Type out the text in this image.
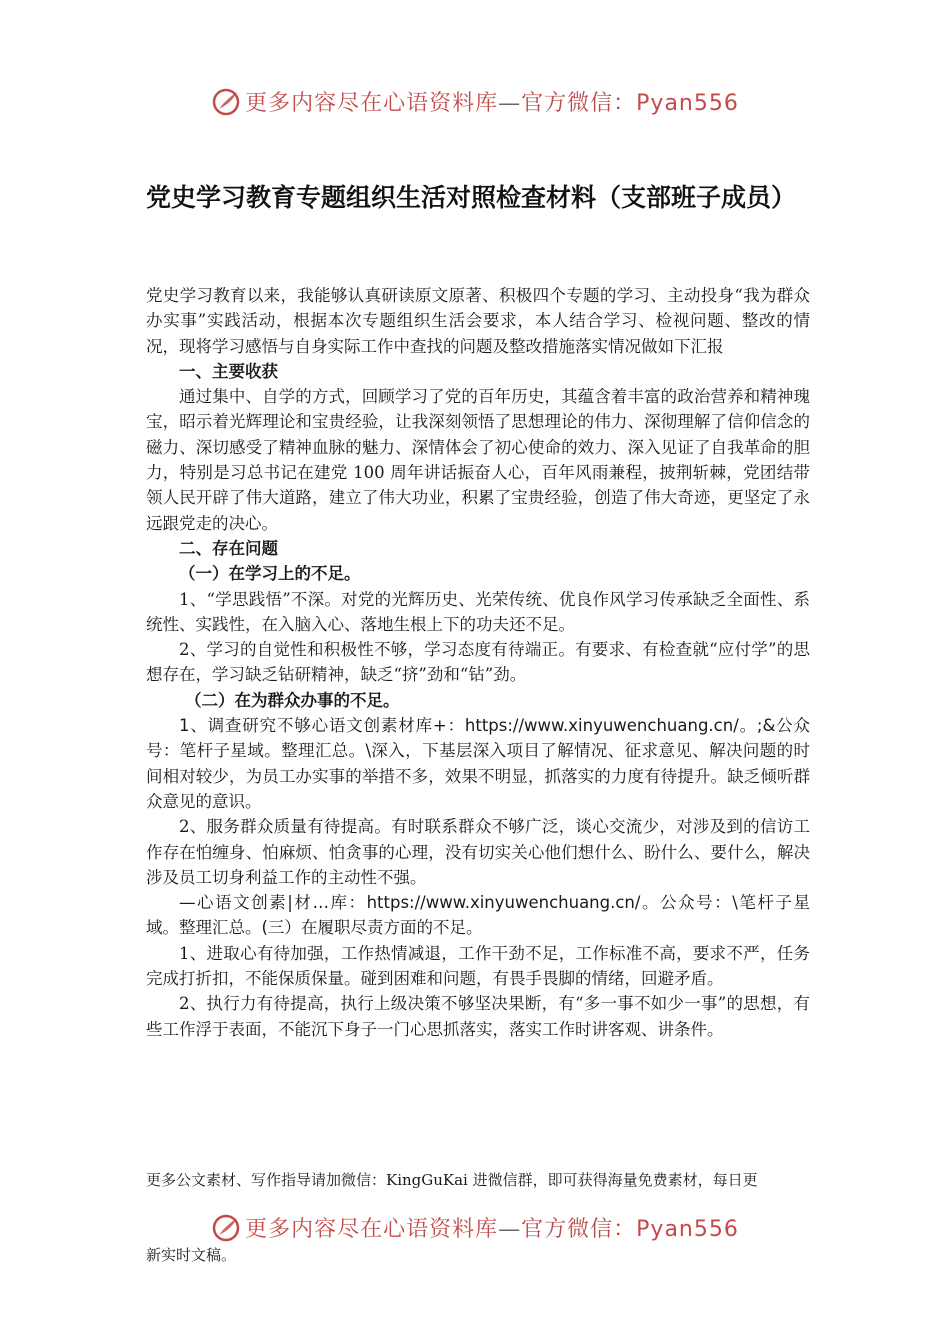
更多内容尽在心语资料库—官方微信：Pyan556
党史学习教育专题组织生活对照检查材料（支部班子成员）

党史学习教育以来，我能够认真研读原文原著、积极四个专题的学习、主动投身“我为群众办实事”实践活动，根据本次专题组织生活会要求，本人结合学习、检视问题、整改的情况，现将学习感悟与自身实际工作中查找的问题及整改措施落实情况做如下汇报

一、主要收获

通过集中、自学的方式，回顾学习了党的百年历史，其蕴含着丰富的政治营养和精神瑰宝，昭示着光辉理论和宝贵经验，让我深刻领悟了思想理论的伟力、深彻理解了信仰信念的磁力、深切感受了精神血脉的魅力、深情体会了初心使命的效力、深入见证了自我革命的胆力，特别是习总书记在建党 100 周年讲话振奋人心，百年风雨兼程，披荆斩棘，党团结带领人民开辟了伟大道路，建立了伟大功业，积累了宝贵经验，创造了伟大奇迹，更坚定了永远跟党走的决心。

二、存在问题

（一）在学习上的不足。

1、“学思践悟”不深。对党的光辉历史、光荣传统、优良作风学习传承缺乏全面性、系统性、实践性，在入脑入心、落地生根上下的功夫还不足。

2、学习的自觉性和积极性不够，学习态度有待端正。有要求、有检查就“应付学”的思想存在，学习缺乏钻研精神，缺乏“挤”劲和“钻”劲。

（二）在为群众办事的不足。

1、调查研究不够心语文创素材库+：https://www.xinyuwenchuang.cn/。;&公众号：笔杆子星域。整理汇总。\深入，下基层深入项目了解情况、征求意见、解决问题的时间相对较少，为员工办实事的举措不多，效果不明显，抓落实的力度有待提升。缺乏倾听群众意见的意识。

2、服务群众质量有待提高。有时联系群众不够广泛，谈心交流少，对涉及到的信访工作存在怕缠身、怕麻烦、怕贪事的心理，没有切实关心他们想什么、盼什么、要什么，解决涉及员工切身利益工作的主动性不强。

—心语文创素|材…库：https://www.xinyuwenchuang.cn/。公众号：\笔杆子星域。整理汇总。(三）在履职尽责方面的不足。

1、进取心有待加强，工作热情减退，工作干劲不足，工作标准不高，要求不严，任务完成打折扣，不能保质保量。碰到困难和问题，有畏手畏脚的情绪，回避矛盾。

2、执行力有待提高，执行上级决策不够坚决果断，有“多一事不如少一事”的思想，有些工作浮于表面，不能沉下身子一门心思抓落实，落实工作时讲客观、讲条件。

更多公文素材、写作指导请加微信：KingGuKai 进微信群，即可获得海量免费素材，每日更

更多内容尽在心语资料库—官方微信：Pyan556

新实时文稿。
